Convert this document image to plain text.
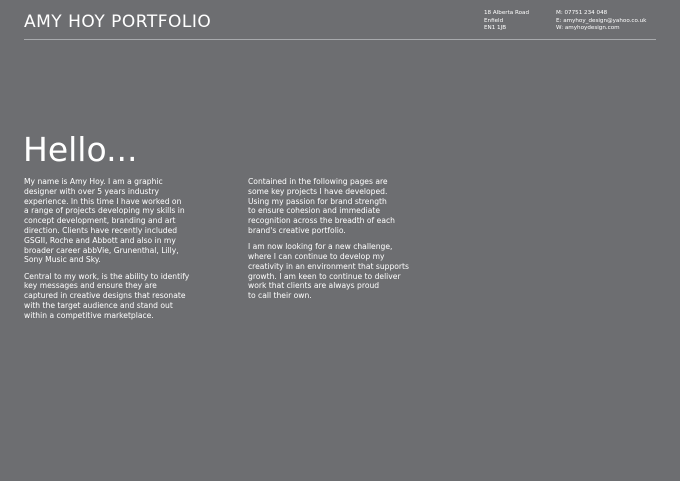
AMY HOY PORTFOLIO	18 Alberta Road
Enfield
EN1 1JB
M: 07751 234 048
E: amyhoy_design@yahoo.co.uk
W: amyhoydesign.com
Hello...

My name is Amy Hoy. I am a graphic
designer with over 5 years industry
experience. In this time I have worked on
a range of projects developing my skills in
concept development, branding and art
direction. Clients have recently included
GSGII, Roche and Abbott and also in my
broader career abbVie, Grunenthal, Lilly,
Sony Music and Sky.

Central to my work, is the ability to identify
key messages and ensure they are
captured in creative designs that resonate
with the target audience and stand out
within a competitive marketplace.

Contained in the following pages are
some key projects I have developed.
Using my passion for brand strength
to ensure cohesion and immediate
recognition across the breadth of each
brand's creative portfolio.

I am now looking for a new challenge,
where I can continue to develop my
creativity in an environment that supports
growth. I am keen to continue to deliver
work that clients are always proud
to call their own.
